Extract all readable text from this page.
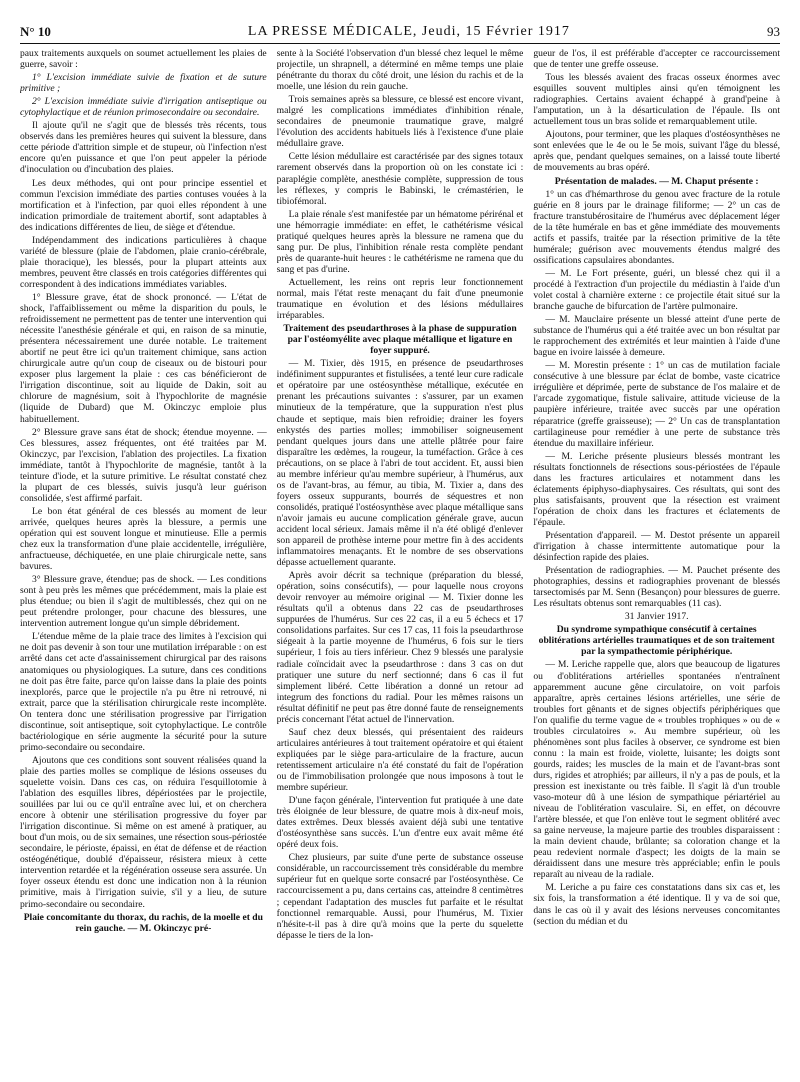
N° 10	LA PRESSE MÉDICALE, Jeudi, 15 Février 1917	93

paux traitements auxquels on soumet actuellement les plaies de guerre, savoir :

1° L'excision immédiate suivie de fixation et de suture primitive ;

2° L'excision immédiate suivie d'irrigation antiseptique ou cytophylactique et de réunion primosecondaire ou secondaire.

Il ajoute qu'il ne s'agit que de blessés très récents, tous observés dans les premières heures qui suivent la blessure, dans cette période d'attrition simple et de stupeur, où l'infection n'est encore qu'en puissance et que l'on peut appeler la période d'inoculation ou d'incubation des plaies.

Les deux méthodes, qui ont pour principe essentiel et commun l'excision immédiate des parties contuses vouées à la mortification et à l'infection, par quoi elles répondent à une indication primordiale de traitement abortif, sont adaptables à des indications différentes de lieu, de siège et d'étendue.

Indépendamment des indications particulières à chaque variété de blessure (plaie de l'abdomen, plaie cranio-cérébrale, plaie thoracique), les blessés, pour la plupart atteints aux membres, peuvent être classés en trois catégories différentes qui correspondent à des indications immédiates variables.

1° Blessure grave, état de shock prononcé. — L'état de shock, l'affaiblissement ou même la disparition du pouls, le refroidissement ne permettent pas de tenter une intervention qui nécessite l'anesthésie générale et qui, en raison de sa minutie, présentera nécessairement une durée notable. Le traitement abortif ne peut être ici qu'un traitement chimique, sans action chirurgicale autre qu'un coup de ciseaux ou de bistouri pour exposer plus largement la plaie : ces cas bénéficieront de l'irrigation discontinue, soit au liquide de Dakin, soit au chlorure de magnésium, soit à l'hypochlorite de magnésie (liquide de Dubard) que M. Okinczyc emploie plus habituellement.

2° Blessure grave sans état de shock; étendue moyenne. — Ces blessures, assez fréquentes, ont été traitées par M. Okinczyc, par l'excision, l'ablation des projectiles. La fixation immédiate, tantôt à l'hypochlorite de magnésie, tantôt à la teinture d'iode, et la suture primitive. Le résultat constaté chez la plupart de ces blessés, suivis jusqu'à leur guérison consolidée, s'est affirmé parfait.

Le bon état général de ces blessés au moment de leur arrivée, quelques heures après la blessure, a permis une opération qui est souvent longue et minutieuse. Elle a permis chez eux la transformation d'une plaie accidentelle, irrégulière, anfractueuse, déchiquetée, en une plaie chirurgicale nette, sans bavures.

3° Blessure grave, étendue; pas de shock. — Les conditions sont à peu près les mêmes que précédemment, mais la plaie est plus étendue; ou bien il s'agit de multiblessés, chez qui on ne peut prétendre prolonger, pour chacune des blessures, une intervention autrement longue qu'un simple débridement.

L'étendue même de la plaie trace des limites à l'excision qui ne doit pas devenir à son tour une mutilation irréparable : on est arrêté dans cet acte d'assainissement chirurgical par des raisons anatomiques ou physiologiques. La suture, dans ces conditions ne doit pas être faite, parce qu'on laisse dans la plaie des points inexplorés, parce que le projectile n'a pu être ni retrouvé, ni extrait, parce que la stérilisation chirurgicale reste incomplète. On tentera donc une stérilisation progressive par l'irrigation discontinue, soit antiseptique, soit cytophylactique. Le contrôle bactériologique en série augmente la sécurité pour la suture primo-secondaire ou secondaire.

Ajoutons que ces conditions sont souvent réalisées quand la plaie des parties molles se complique de lésions osseuses du squelette voisin. Dans ces cas, on réduira l'esquillotomie à l'ablation des esquilles libres, dépériostées par le projectile, souillées par lui ou ce qu'il entraîne avec lui, et on cherchera encore à obtenir une stérilisation progressive du foyer par l'irrigation discontinue. Si même on est amené à pratiquer, au bout d'un mois, ou de six semaines, une résection sous-périostée secondaire, le périoste, épaissi, en état de défense et de réaction ostéogénétique, doublé d'épaisseur, résistera mieux à cette intervention retardée et la régénération osseuse sera assurée. Un foyer osseux étendu est donc une indication non à la réunion primitive, mais à l'irrigation suivie, s'il y a lieu, de suture primo-secondaire ou secondaire.

Plaie concomitante du thorax, du rachis, de la moelle et du rein gauche. — M. Okinczyc pré-

sente à la Société l'observation d'un blessé chez lequel le même projectile, un shrapnell, a déterminé en même temps une plaie pénétrante du thorax du côté droit, une lésion du rachis et de la moelle, une lésion du rein gauche.

Trois semaines après sa blessure, ce blessé est encore vivant, malgré les complications immédiates d'inhibition rénale, secondaires de pneumonie traumatique grave, malgré l'évolution des accidents habituels liés à l'existence d'une plaie médullaire grave.

Cette lésion médullaire est caractérisée par des signes totaux rarement observés dans la proportion où on les constate ici : paraplégie complète, anesthésie complète, suppression de tous les réflexes, y compris le Babinski, le crémastérien, le tibiofémoral.

La plaie rénale s'est manifestée par un hématome périrénal et une hémorragie immédiate: en effet, le cathétérisme vésical pratiqué quelques heures après la blessure ne ramena que du sang pur. De plus, l'inhibition rénale resta complète pendant près de quarante-huit heures : le cathétérisme ne ramena que du sang et pas d'urine.

Actuellement, les reins ont repris leur fonctionnement normal, mais l'état reste menaçant du fait d'une pneumonie traumatique en évolution et des lésions médullaires irréparables.

Traitement des pseudarthroses à la phase de suppuration par l'ostéomyélite avec plaque métallique et ligature en foyer suppuré.

— M. Tixier, dès 1915, en présence de pseudarthroses indéfiniment suppurantes et fistulisées, a tenté leur cure radicale et opératoire par une ostéosynthèse métallique, exécutée en prenant les précautions suivantes : s'assurer, par un examen minutieux de la température, que la suppuration n'est plus chaude et septique, mais bien refroidie; drainer les foyers enkystés des parties molles; immobiliser soigneusement pendant quelques jours dans une attelle plâtrée pour faire disparaître les œdèmes, la rougeur, la tuméfaction. Grâce à ces précautions, on se place à l'abri de tout accident. Et, aussi bien au membre inférieur qu'au membre supérieur, à l'humérus, aux os de l'avant-bras, au fémur, au tibia, M. Tixier a, dans des foyers osseux suppurants, bourrés de séquestres et non consolidés, pratiqué l'ostéosynthèse avec plaque métallique sans n'avoir jamais eu aucune complication générale grave, aucun accident local sérieux. Jamais même il n'a été obligé d'enlever son appareil de prothèse interne pour mettre fin à des accidents inflammatoires menaçants. Et le nombre de ses observations dépasse actuellement quarante.

Après avoir décrit sa technique (préparation du blessé, opération, soins consécutifs), — pour laquelle nous croyons devoir renvoyer au mémoire original — M. Tixier donne les résultats qu'il a obtenus dans 22 cas de pseudarthroses suppurées de l'humérus. Sur ces 22 cas, il a eu 5 échecs et 17 consolidations parfaites. Sur ces 17 cas, 11 fois la pseudarthrose siégeait à la partie moyenne de l'humérus, 6 fois sur le tiers supérieur, 1 fois au tiers inférieur. Chez 9 blessés une paralysie radiale coïncidait avec la pseudarthrose : dans 3 cas on dut pratiquer une suture du nerf sectionné; dans 6 cas il fut simplement libéré. Cette libération a donné un retour ad integrum des fonctions du radial. Pour les mêmes raisons un résultat définitif ne peut pas être donné faute de renseignements précis concernant l'état actuel de l'innervation.

Sauf chez deux blessés, qui présentaient des raideurs articulaires antérieures à tout traitement opératoire et qui étaient expliquées par le siège para-articulaire de la fracture, aucun retentissement articulaire n'a été constaté du fait de l'opération ou de l'immobilisation prolongée que nous imposons à tout le membre supérieur.

D'une façon générale, l'intervention fut pratiquée à une date très éloignée de leur blessure, de quatre mois à dix-neuf mois, dates extrêmes. Deux blessés avaient déjà subi une tentative d'ostéosynthèse sans succès. L'un d'entre eux avait même été opéré deux fois.

Chez plusieurs, par suite d'une perte de substance osseuse considérable, un raccourcissement très considérable du membre supérieur fut en quelque sorte consacré par l'ostéosynthèse. Ce raccourcissement a pu, dans certains cas, atteindre 8 centimètres ; cependant l'adaptation des muscles fut parfaite et le résultat fonctionnel remarquable. Aussi, pour l'humérus, M. Tixier n'hésite-t-il pas à dire qu'à moins que la perte du squelette dépasse le tiers de la lon-

gueur de l'os, il est préférable d'accepter ce raccourcissement que de tenter une greffe osseuse.

Tous les blessés avaient des fracas osseux énormes avec esquilles souvent multiples ainsi qu'en témoignent les radiographies. Certains avaient échappé à grand'peine à l'amputation, un à la désarticulation de l'épaule. Ils ont actuellement tous un bras solide et remarquablement utile.

Ajoutons, pour terminer, que les plaques d'ostéosynthèses ne sont enlevées que le 4e ou le 5e mois, suivant l'âge du blessé, après que, pendant quelques semaines, on a laissé toute liberté de mouvements au bras opéré.

Présentation de malades. — M. Chaput présente :

1° un cas d'hémarthrose du genou avec fracture de la rotule guérie en 8 jours par le drainage filiforme; — 2° un cas de fracture transtubérositaire de l'humérus avec déplacement léger de la tête humérale en bas et gêne immédiate des mouvements actifs et passifs, traitée par la résection primitive de la tête humérale; guérison avec mouvements étendus malgré des ossifications capsulaires abondantes.

— M. Le Fort présente, guéri, un blessé chez qui il a procédé à l'extraction d'un projectile du médiastin à l'aide d'un volet costal à charnière externe : ce projectile était situé sur la branche gauche de bifurcation de l'artère pulmonaire.

— M. Mauclaire présente un blessé atteint d'une perte de substance de l'humérus qui a été traitée avec un bon résultat par le rapprochement des extrémités et leur maintien à l'aide d'une bague en ivoire laissée à demeure.

— M. Morestin présente : 1° un cas de mutilation faciale consécutive à une blessure par éclat de bombe, vaste cicatrice irrégulière et déprimée, perte de substance de l'os malaire et de l'arcade zygomatique, fistule salivaire, attitude vicieuse de la paupière inférieure, traitée avec succès par une opération réparatrice (greffe graisseuse); — 2° Un cas de transplantation cartilagineuse pour remédier à une perte de substance très étendue du maxillaire inférieur.

— M. Leriche présente plusieurs blessés montrant les résultats fonctionnels de résections sous-périostées de l'épaule dans les fractures articulaires et notamment dans les éclatements épiphyso-diaphysaires. Ces résultats, qui sont des plus satisfaisants, prouvent que la résection est vraiment l'opération de choix dans les fractures et éclatements de l'épaule.

Présentation d'appareil. — M. Destot présente un appareil d'irrigation à chasse intermittente automatique pour la désinfection rapide des plaies.

Présentation de radiographies. — M. Pauchet présente des photographies, dessins et radiographies provenant de blessés tarsectomisés par M. Senn (Besançon) pour blessures de guerre. Les résultats obtenus sont remarquables (11 cas).

31 Janvier 1917.

Du syndrome sympathique consécutif à certaines oblitérations artérielles traumatiques et de son traitement par la sympathectomie périphérique.

— M. Leriche rappelle que, alors que beaucoup de ligatures ou d'oblitérations artérielles spontanées n'entraînent apparemment aucune gêne circulatoire, on voit parfois apparaître, après certaines lésions artérielles, une série de troubles fort gênants et de signes objectifs périphériques que l'on qualifie du terme vague de « troubles trophiques » ou de « troubles circulatoires ». Au membre supérieur, où les phénomènes sont plus faciles à observer, ce syndrome est bien connu : la main est froide, violette, luisante; les doigts sont gourds, raides; les muscles de la main et de l'avant-bras sont durs, rigides et atrophiés; par ailleurs, il n'y a pas de pouls, et la pression est inexistante ou très faible. Il s'agit là d'un trouble vaso-moteur dû à une lésion de sympathique périartériel au niveau de l'oblitération vasculaire. Si, en effet, on découvre l'artère blessée, et que l'on enlève tout le segment oblitéré avec sa gaine nerveuse, la majeure partie des troubles disparaissent : la main devient chaude, brûlante; sa coloration change et la peau redevient normale d'aspect; les doigts de la main se déraidissent dans une mesure très appréciable; enfin le pouls reparaît au niveau de la radiale.

M. Leriche a pu faire ces constatations dans six cas et, les six fois, la transformation a été identique. Il y va de soi que, dans le cas où il y avait des lésions nerveuses concomitantes (section du médian et du
